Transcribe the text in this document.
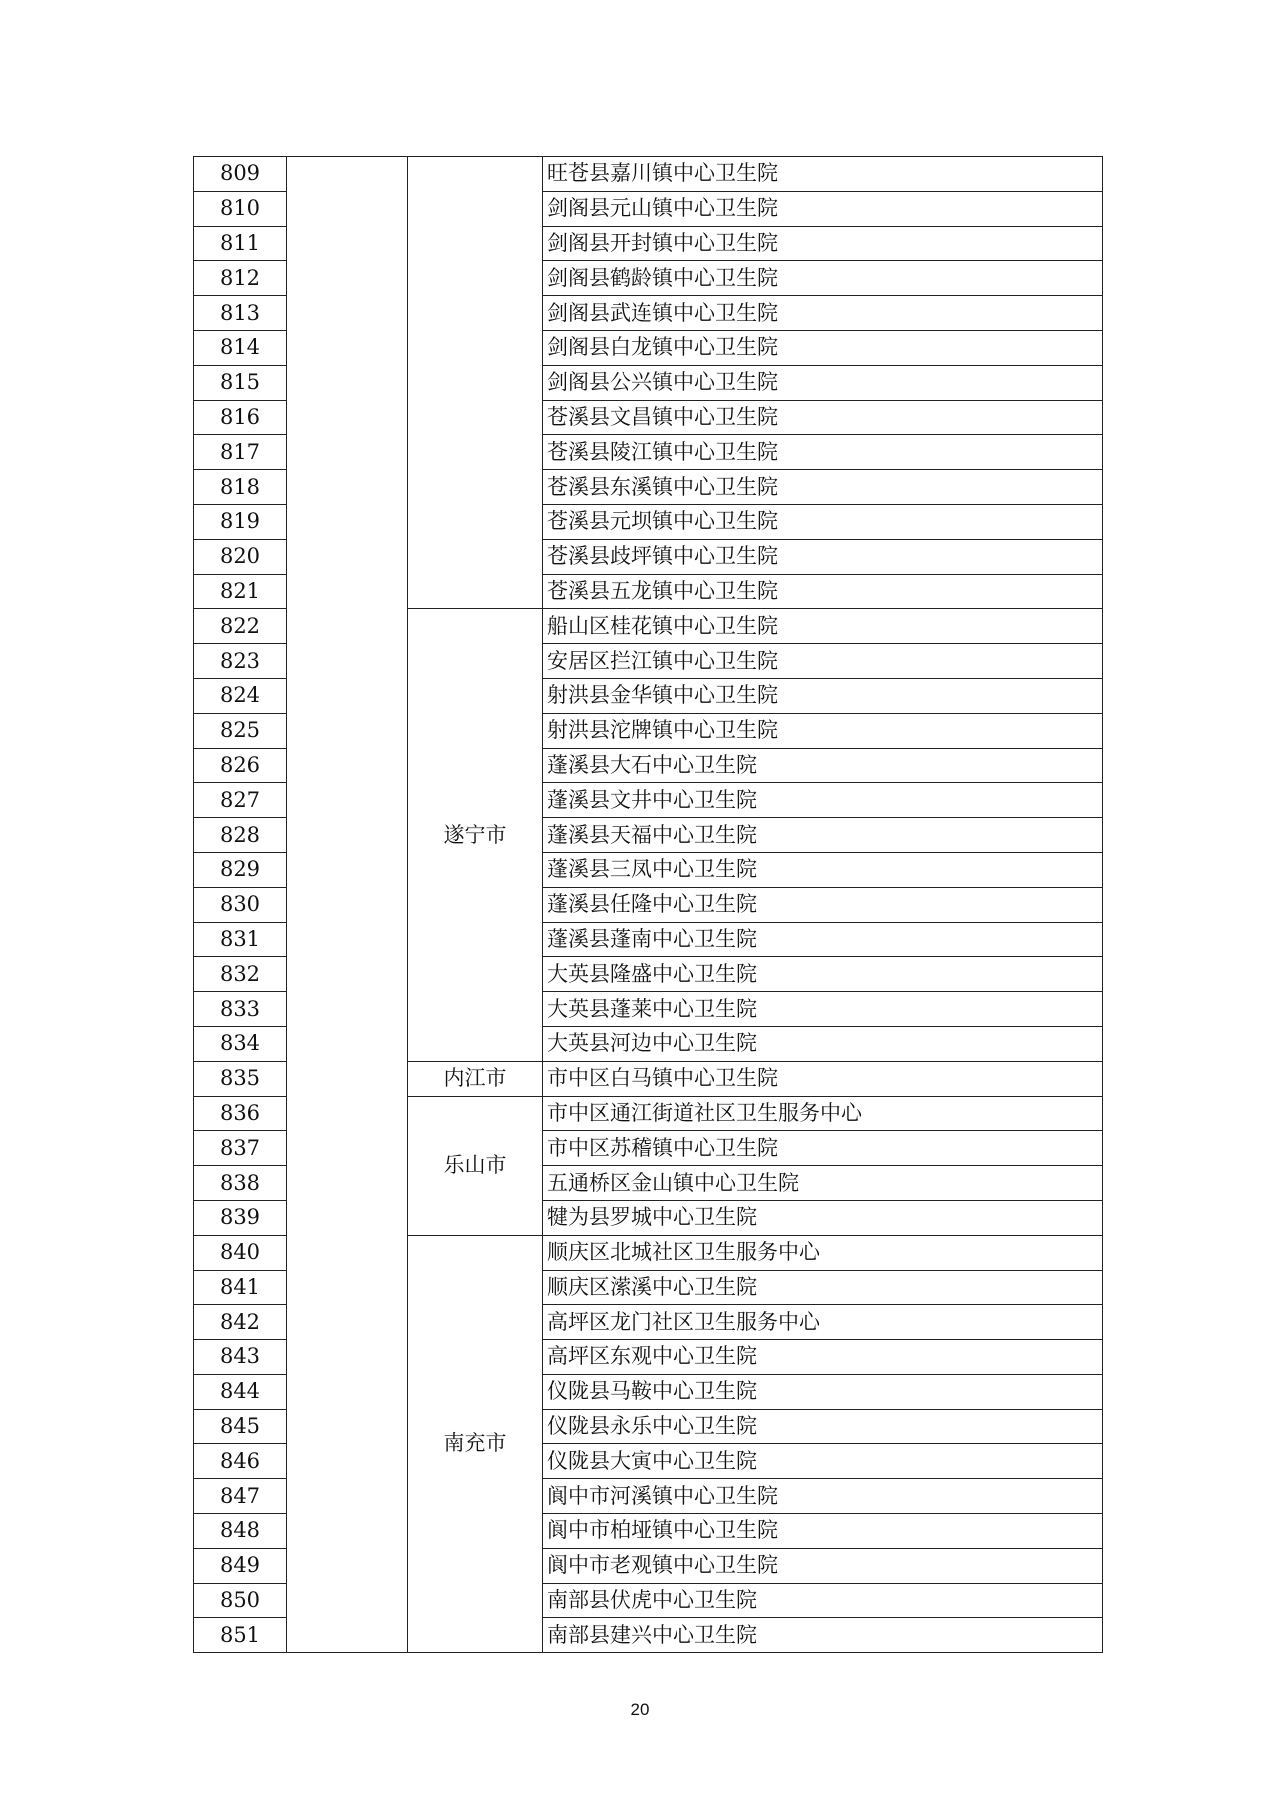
809			旺苍县嘉川镇中心卫生院
810			剑阁县元山镇中心卫生院
811			剑阁县开封镇中心卫生院
812			剑阁县鹤龄镇中心卫生院
813			剑阁县武连镇中心卫生院
814			剑阁县白龙镇中心卫生院
815			剑阁县公兴镇中心卫生院
816			苍溪县文昌镇中心卫生院
817			苍溪县陵江镇中心卫生院
818			苍溪县东溪镇中心卫生院
819			苍溪县元坝镇中心卫生院
820			苍溪县歧坪镇中心卫生院
821			苍溪县五龙镇中心卫生院
822		遂宁市	船山区桂花镇中心卫生院
823			安居区拦江镇中心卫生院
824			射洪县金华镇中心卫生院
825			射洪县沱牌镇中心卫生院
826			蓬溪县大石中心卫生院
827			蓬溪县文井中心卫生院
828			蓬溪县天福中心卫生院
829			蓬溪县三凤中心卫生院
830			蓬溪县任隆中心卫生院
831			蓬溪县蓬南中心卫生院
832			大英县隆盛中心卫生院
833			大英县蓬莱中心卫生院
834			大英县河边中心卫生院
835		内江市	市中区白马镇中心卫生院
836		乐山市	市中区通江街道社区卫生服务中心
837			市中区苏稽镇中心卫生院
838			五通桥区金山镇中心卫生院
839			犍为县罗城中心卫生院
840		南充市	顺庆区北城社区卫生服务中心
841			顺庆区潆溪中心卫生院
842			高坪区龙门社区卫生服务中心
843			高坪区东观中心卫生院
844			仪陇县马鞍中心卫生院
845			仪陇县永乐中心卫生院
846			仪陇县大寅中心卫生院
847			阆中市河溪镇中心卫生院
848			阆中市柏垭镇中心卫生院
849			阆中市老观镇中心卫生院
850			南部县伏虎中心卫生院
851			南部县建兴中心卫生院
20
